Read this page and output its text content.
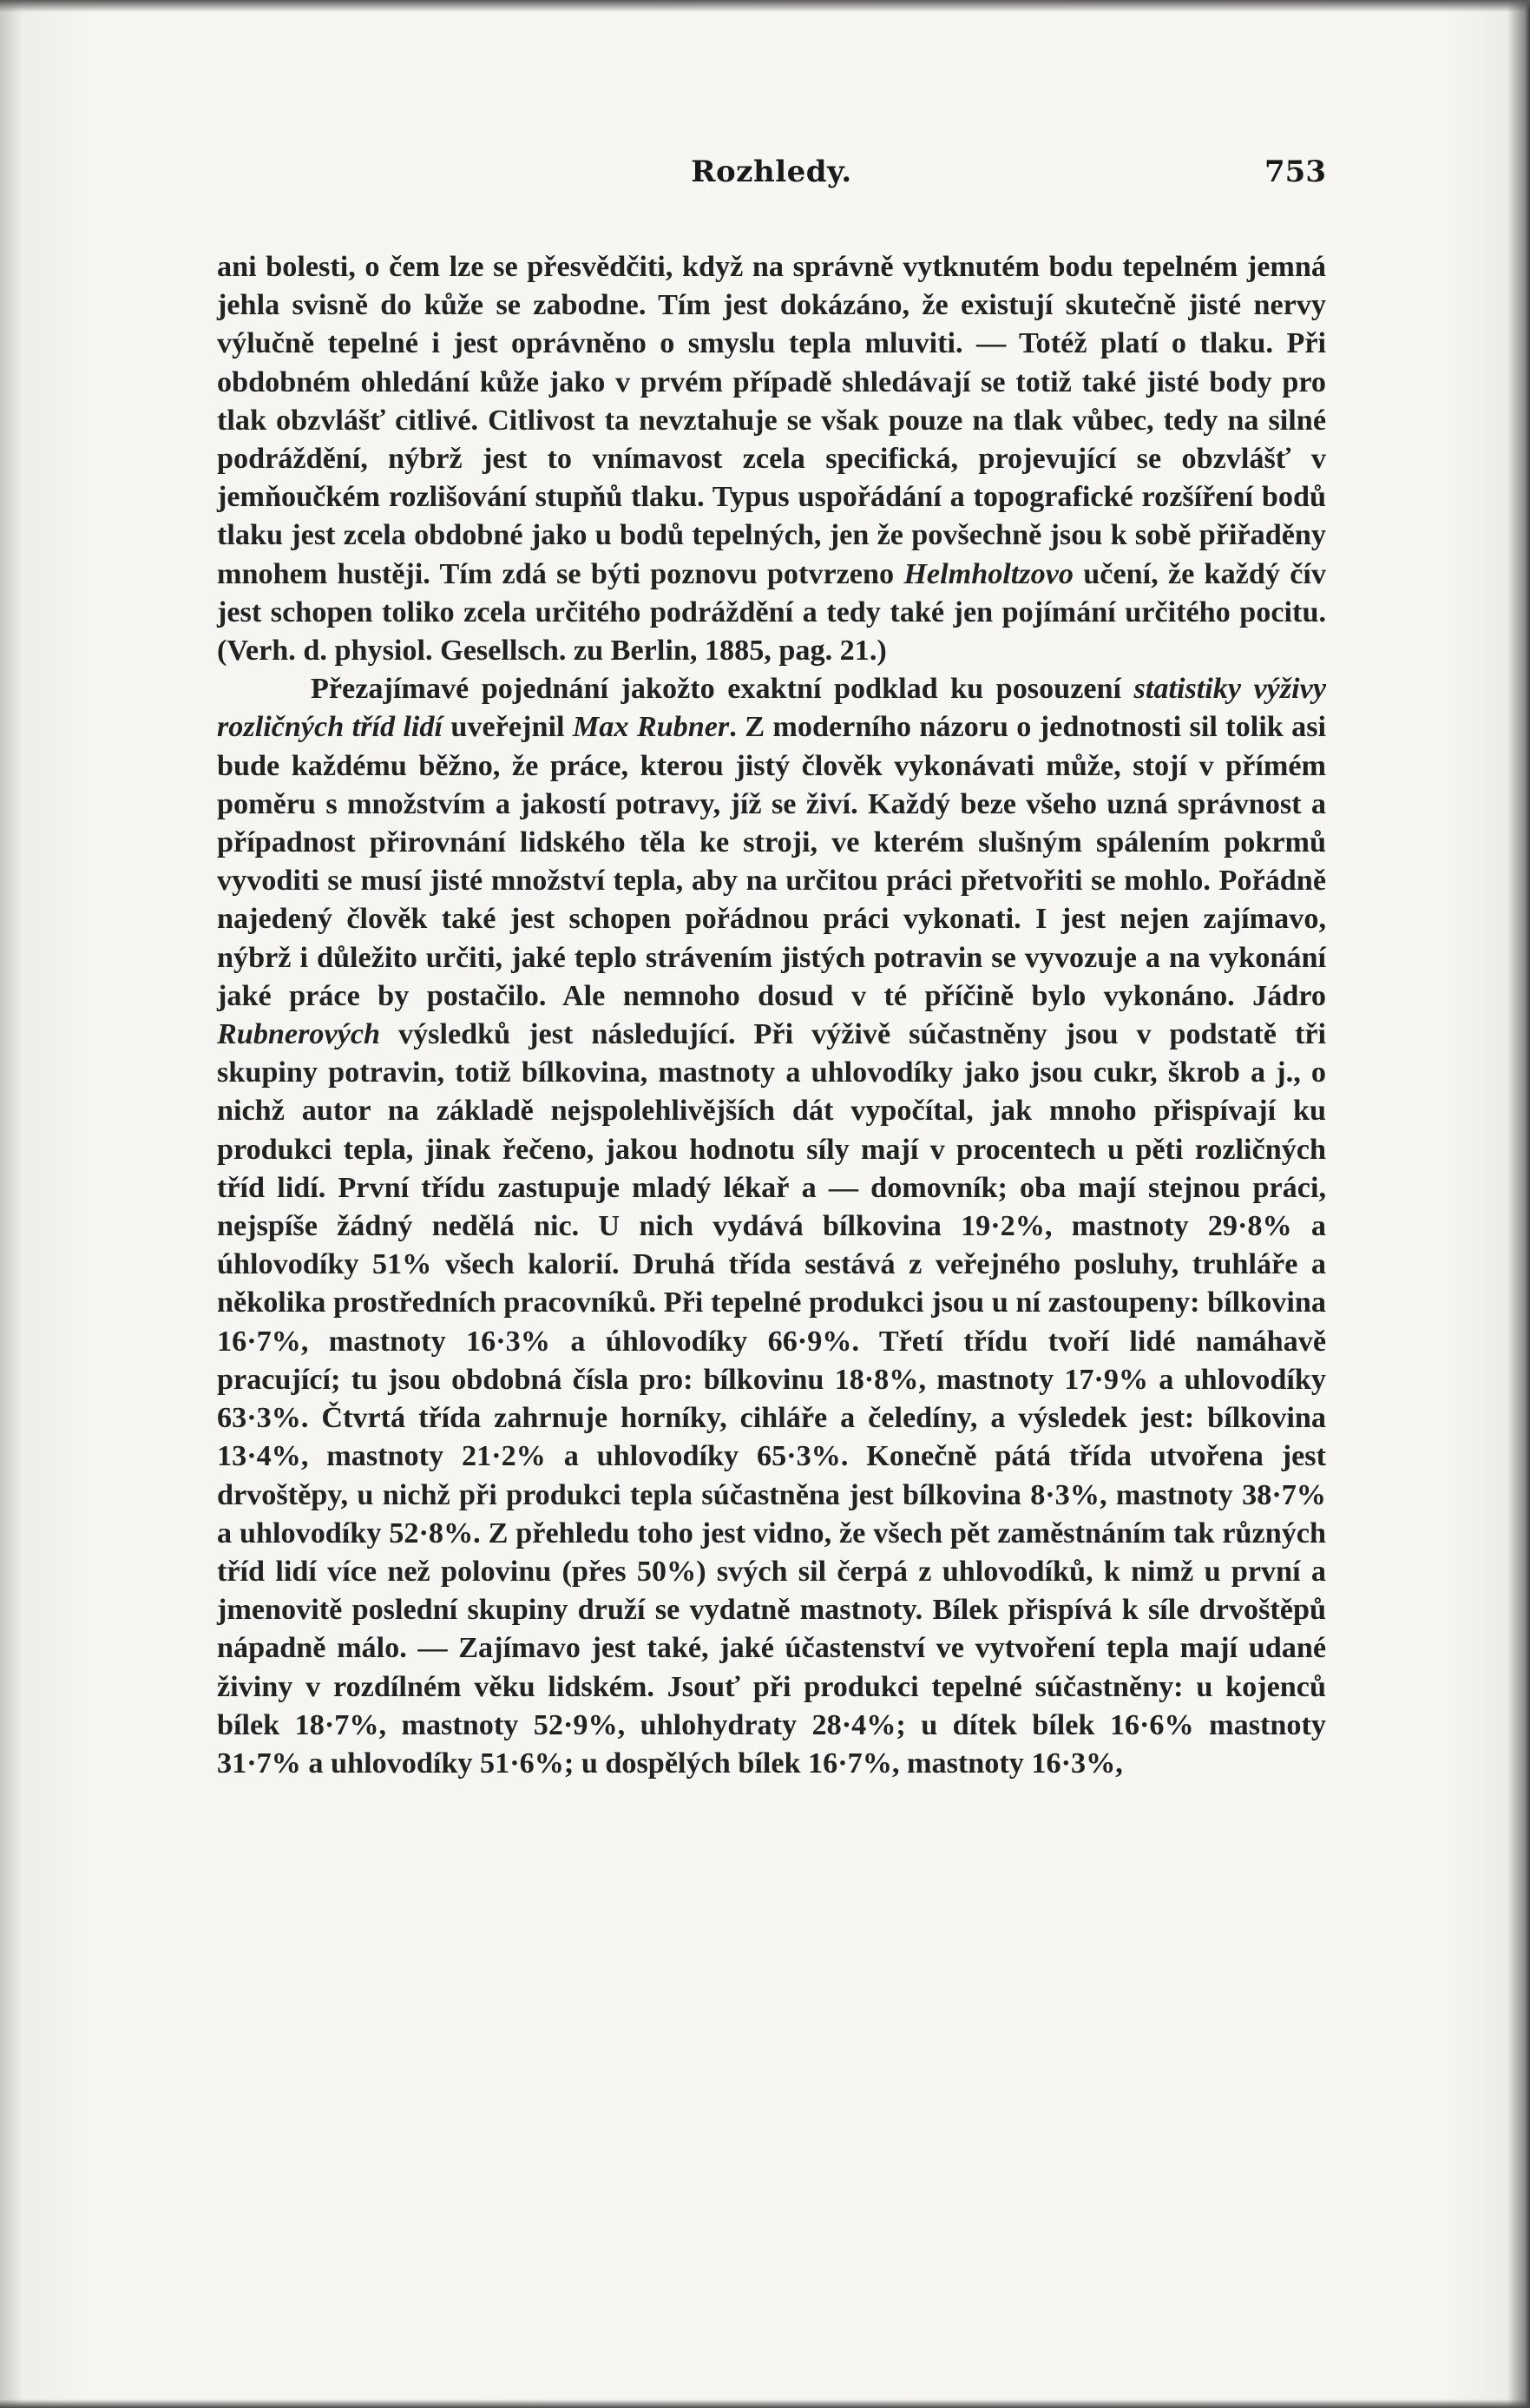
Rozhledy.	753

ani bolesti, o čem lze se přesvědčiti, když na správně vytknutém bodu tepelném jemná jehla svisně do kůže se zabodne. Tím jest dokázáno, že existují skutečně jisté nervy výlučně tepelné i jest oprávněno o smyslu tepla mluviti. — Totéž platí o tlaku. Při obdobném ohledání kůže jako v prvém případě shledávají se totiž také jisté body pro tlak obzvlášť citlivé. Citlivost ta nevztahuje se však pouze na tlak vůbec, tedy na silné podráždění, nýbrž jest to vnímavost zcela specifická, projevující se obzvlášť v jemňoučkém rozlišování stupňů tlaku. Typus uspořádání a topografické rozšíření bodů tlaku jest zcela obdobné jako u bodů tepelných, jen že povšechně jsou k sobě přiřaděny mnohem hustěji. Tím zdá se býti poznovu potvrzeno Helmholtzovo učení, že každý čív jest schopen toliko zcela určitého podráždění a tedy také jen pojímání určitého pocitu. (Verh. d. physiol. Gesellsch. zu Berlin, 1885, pag. 21.)

Přezajímavé pojednání jakožto exaktní podklad ku posouzení statistiky výživy rozličných tříd lidí uveřejnil Max Rubner. Z moderního názoru o jednotnosti sil tolik asi bude každému běžno, že práce, kterou jistý člověk vykonávati může, stojí v přímém poměru s množstvím a jakostí potravy, jíž se živí. Každý beze všeho uzná správnost a případnost přirovnání lidského těla ke stroji, ve kterém slušným spálením pokrmů vyvoditi se musí jisté množství tepla, aby na určitou práci přetvořiti se mohlo. Pořádně najedený člověk také jest schopen pořádnou práci vykonati. I jest nejen zajímavo, nýbrž i důležito určiti, jaké teplo strávením jistých potravin se vyvozuje a na vykonání jaké práce by postačilo. Ale nemnoho dosud v té příčině bylo vykonáno. Jádro Rubnerových výsledků jest následující. Při výživě súčastněny jsou v podstatě tři skupiny potravin, totiž bílkovina, mastnoty a uhlovodíky jako jsou cukr, škrob a j., o nichž autor na základě nejspolehlivějších dát vypočítal, jak mnoho přispívají ku produkci tepla, jinak řečeno, jakou hodnotu síly mají v procentech u pěti rozličných tříd lidí. První třídu zastupuje mladý lékař a — domovník; oba mají stejnou práci, nejspíše žádný nedělá nic. U nich vydává bílkovina 19·2%, mastnoty 29·8% a úhlovodíky 51% všech kalorií. Druhá třída sestává z veřejného posluhy, truhláře a několika prostředních pracovníků. Při tepelné produkci jsou u ní zastoupeny: bílkovina 16·7%, mastnoty 16·3% a úhlovodíky 66·9%. Třetí třídu tvoří lidé namáhavě pracující; tu jsou obdobná čísla pro: bílkovinu 18·8%, mastnoty 17·9% a uhlovodíky 63·3%. Čtvrtá třída zahrnuje horníky, cihláře a čeledíny, a výsledek jest: bílkovina 13·4%, mastnoty 21·2% a uhlovodíky 65·3%. Konečně pátá třída utvořena jest drvoštěpy, u nichž při produkci tepla súčastněna jest bílkovina 8·3%, mastnoty 38·7% a uhlovodíky 52·8%. Z přehledu toho jest vidno, že všech pět zaměstnáním tak různých tříd lidí více než polovinu (přes 50%) svých sil čerpá z uhlovodíků, k nimž u první a jmenovitě poslední skupiny druží se vydatně mastnoty. Bílek přispívá k síle drvoštěpů nápadně málo. — Zajímavo jest také, jaké účastenství ve vytvoření tepla mají udané živiny v rozdílném věku lidském. Jsouť při produkci tepelné súčastněny: u kojenců bílek 18·7%, mastnoty 52·9%, uhlohydraty 28·4%; u dítek bílek 16·6% mastnoty 31·7% a uhlovodíky 51·6%; u dospělých bílek 16·7%, mastnoty 16·3%,
